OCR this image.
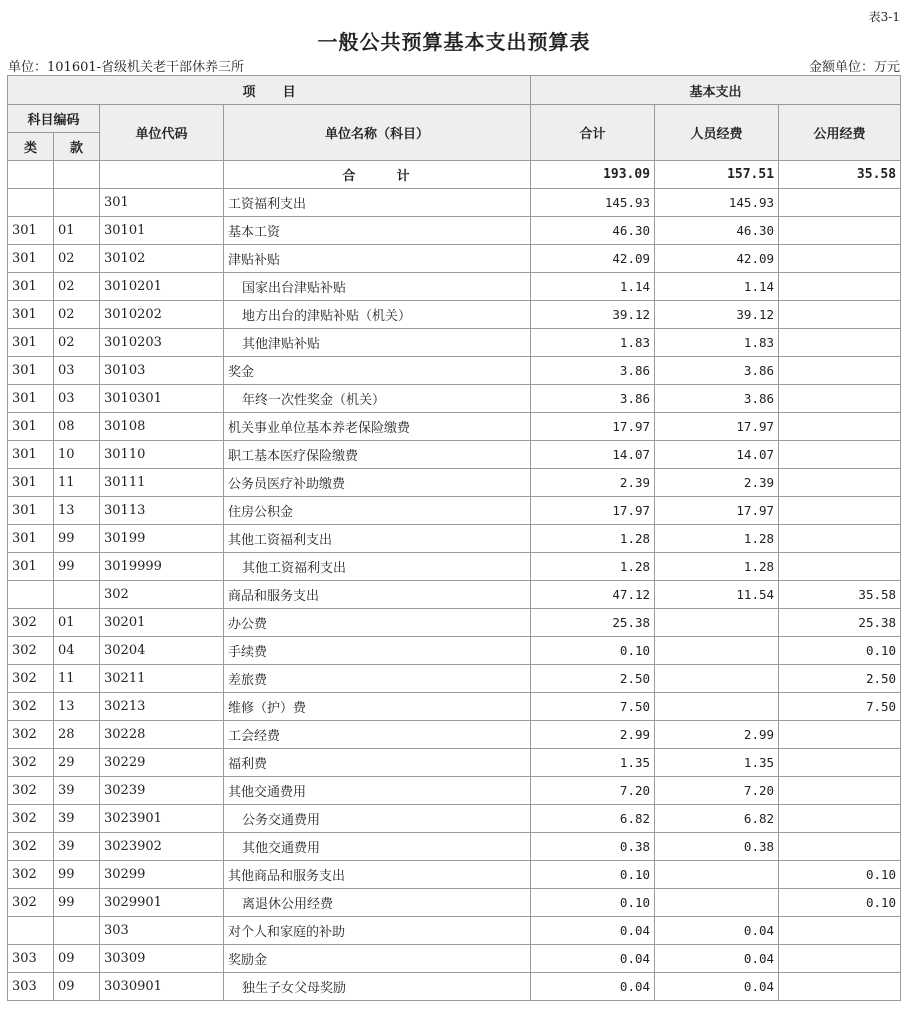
表3-1
一般公共预算基本支出预算表
单位：101601-省级机关老干部休养三所	金额单位：万元
项      目				基本支出		
科目编码		单位代码	单位名称（科目）	合计	人员经费	公用经费
类	款					
			合      计	193.09	157.51	35.58
		301	工资福利支出	145.93	145.93	
301	01	30101	基本工资	46.30	46.30	
301	02	30102	津贴补贴	42.09	42.09	
301	02	3010201	国家出台津贴补贴	1.14	1.14	
301	02	3010202	地方出台的津贴补贴（机关）	39.12	39.12	
301	02	3010203	其他津贴补贴	1.83	1.83	
301	03	30103	奖金	3.86	3.86	
301	03	3010301	年终一次性奖金（机关）	3.86	3.86	
301	08	30108	机关事业单位基本养老保险缴费	17.97	17.97	
301	10	30110	职工基本医疗保险缴费	14.07	14.07	
301	11	30111	公务员医疗补助缴费	2.39	2.39	
301	13	30113	住房公积金	17.97	17.97	
301	99	30199	其他工资福利支出	1.28	1.28	
301	99	3019999	其他工资福利支出	1.28	1.28	
		302	商品和服务支出	47.12	11.54	35.58
302	01	30201	办公费	25.38		25.38
302	04	30204	手续费	0.10		0.10
302	11	30211	差旅费	2.50		2.50
302	13	30213	维修（护）费	7.50		7.50
302	28	30228	工会经费	2.99	2.99	
302	29	30229	福利费	1.35	1.35	
302	39	30239	其他交通费用	7.20	7.20	
302	39	3023901	公务交通费用	6.82	6.82	
302	39	3023902	其他交通费用	0.38	0.38	
302	99	30299	其他商品和服务支出	0.10		0.10
302	99	3029901	离退休公用经费	0.10		0.10
		303	对个人和家庭的补助	0.04	0.04	
303	09	30309	奖励金	0.04	0.04	
303	09	3030901	独生子女父母奖励	0.04	0.04	
